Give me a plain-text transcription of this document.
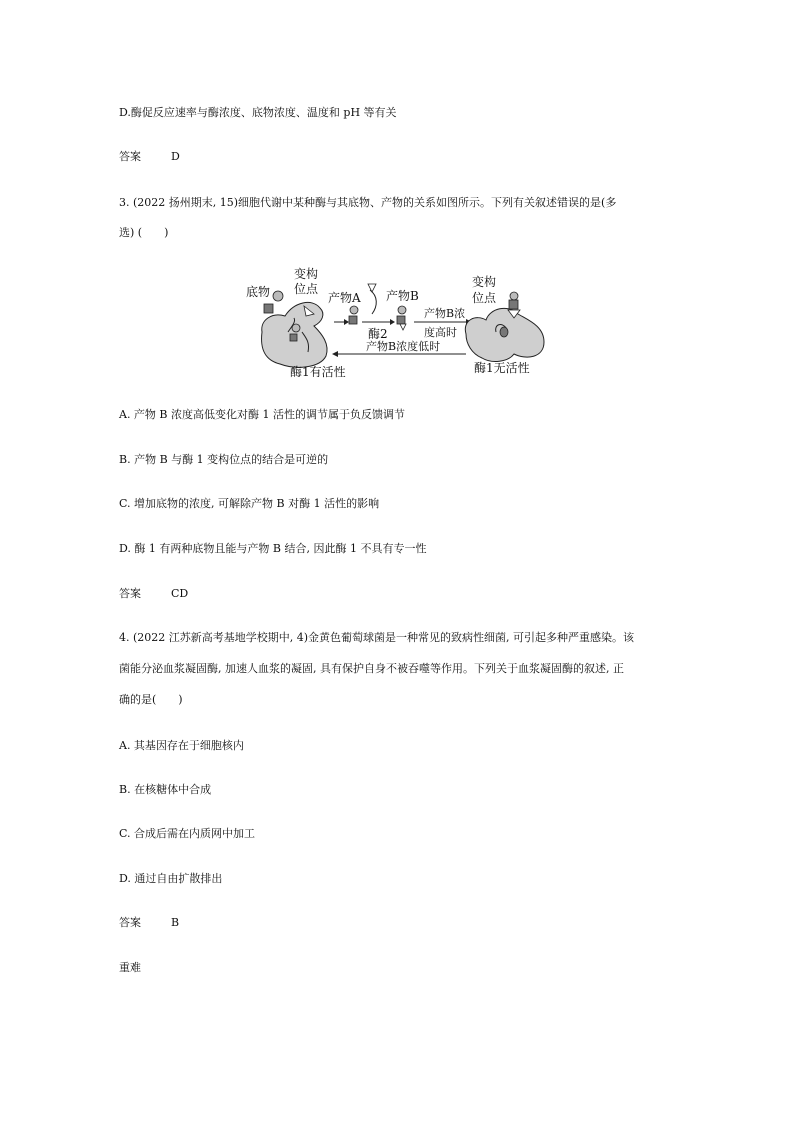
D.酶促反应速率与酶浓度、底物浓度、温度和 pH 等有关
答案	D
3. (2022 扬州期末, 15)细胞代谢中某种酶与其底物、产物的关系如图所示。下列有关叙述错误的是(多
选) (　　)
底物
变构
位点
产物A
酶2
产物B
产物B浓
度高时
变构
位点
产物B浓度低时
酶1有活性	酶1无活性
A. 产物 B 浓度高低变化对酶 1 活性的调节属于负反馈调节
B. 产物 B 与酶 1 变构位点的结合是可逆的
C. 增加底物的浓度, 可解除产物 B 对酶 1 活性的影响
D. 酶 1 有两种底物且能与产物 B 结合, 因此酶 1 不具有专一性
答案	CD
4. (2022 江苏新高考基地学校期中, 4)金黄色葡萄球菌是一种常见的致病性细菌, 可引起多种严重感染。该
菌能分泌血浆凝固酶, 加速人血浆的凝固, 具有保护自身不被吞噬等作用。下列关于血浆凝固酶的叙述, 正
确的是(　　)
A. 其基因存在于细胞核内
B. 在核糖体中合成
C. 合成后需在内质网中加工
D. 通过自由扩散排出
答案	B
重难
